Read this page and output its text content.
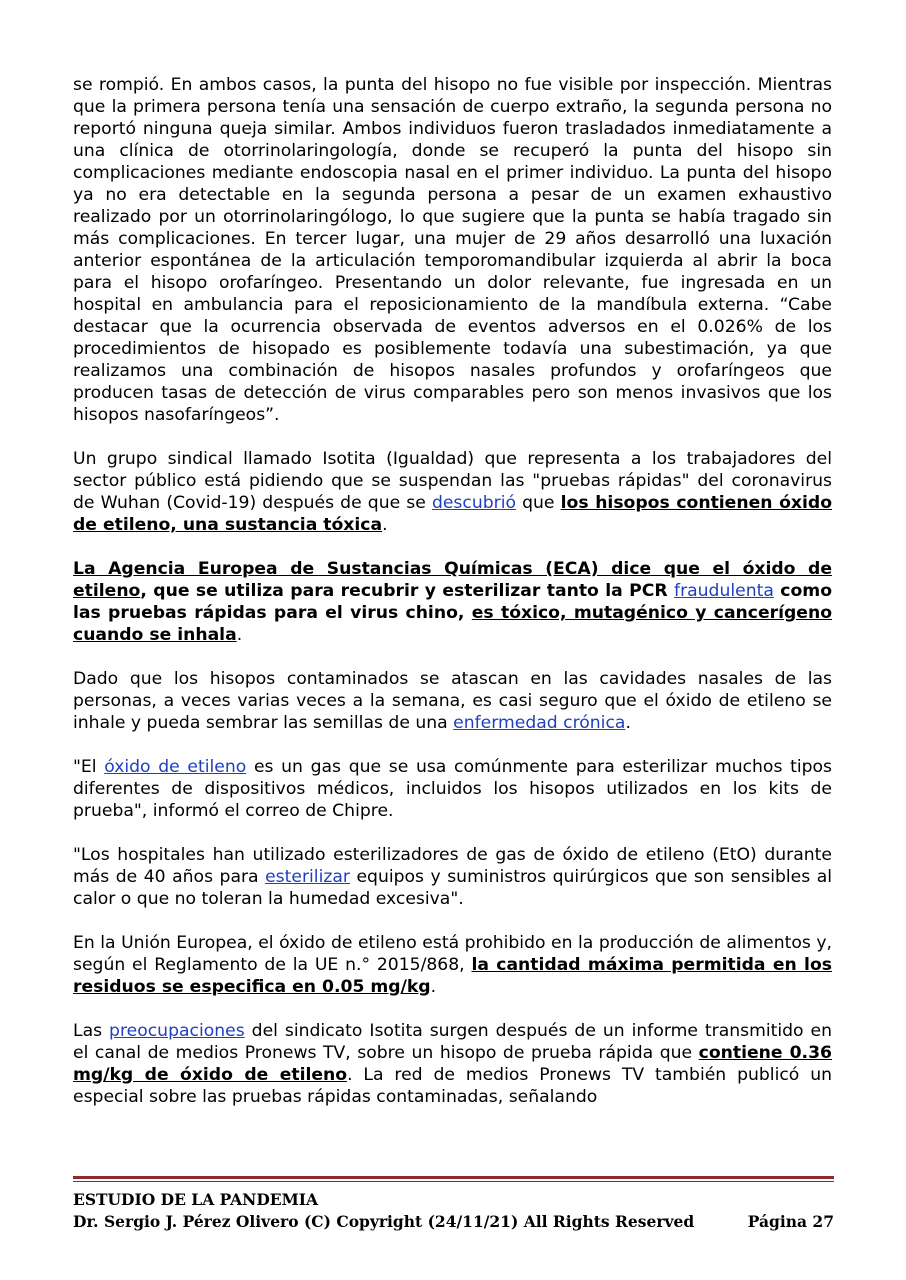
se rompió. En ambos casos, la punta del hisopo no fue visible por inspección. Mientras que la primera persona tenía una sensación de cuerpo extraño, la segunda persona no reportó ninguna queja similar. Ambos individuos fueron trasladados inmediatamente a una clínica de otorrinolaringología, donde se recuperó la punta del hisopo sin complicaciones mediante endoscopia nasal en el primer individuo. La punta del hisopo ya no era detectable en la segunda persona a pesar de un examen exhaustivo realizado por un otorrinolaringólogo, lo que sugiere que la punta se había tragado sin más complicaciones. En tercer lugar, una mujer de 29 años desarrolló una luxación anterior espontánea de la articulación temporomandibular izquierda al abrir la boca para el hisopo orofaríngeo. Presentando un dolor relevante, fue ingresada en un hospital en ambulancia para el reposicionamiento de la mandíbula externa. “Cabe destacar que la ocurrencia observada de eventos adversos en el 0.026% de los procedimientos de hisopado es posiblemente todavía una subestimación, ya que realizamos una combinación de hisopos nasales profundos y orofaríngeos que producen tasas de detección de virus comparables pero son menos invasivos que los hisopos nasofaríngeos”.

Un grupo sindical llamado Isotita (Igualdad) que representa a los trabajadores del sector público está pidiendo que se suspendan las "pruebas rápidas" del coronavirus de Wuhan (Covid-19) después de que se descubrió que los hisopos contienen óxido de etileno, una sustancia tóxica.

La Agencia Europea de Sustancias Químicas (ECA) dice que el óxido de etileno, que se utiliza para recubrir y esterilizar tanto la PCR fraudulenta como las pruebas rápidas para el virus chino, es tóxico, mutagénico y cancerígeno cuando se inhala.

Dado que los hisopos contaminados se atascan en las cavidades nasales de las personas, a veces varias veces a la semana, es casi seguro que el óxido de etileno se inhale y pueda sembrar las semillas de una enfermedad crónica.

"El óxido de etileno es un gas que se usa comúnmente para esterilizar muchos tipos diferentes de dispositivos médicos, incluidos los hisopos utilizados en los kits de prueba", informó el correo de Chipre.

"Los hospitales han utilizado esterilizadores de gas de óxido de etileno (EtO) durante más de 40 años para esterilizar equipos y suministros quirúrgicos que son sensibles al calor o que no toleran la humedad excesiva".

En la Unión Europea, el óxido de etileno está prohibido en la producción de alimentos y, según el Reglamento de la UE n.° 2015/868, la cantidad máxima permitida en los residuos se especifica en 0.05 mg/kg.

Las preocupaciones del sindicato Isotita surgen después de un informe transmitido en el canal de medios Pronews TV, sobre un hisopo de prueba rápida que contiene 0.36 mg/kg de óxido de etileno. La red de medios Pronews TV también publicó un especial sobre las pruebas rápidas contaminadas, señalando

ESTUDIO DE LA PANDEMIA
Dr. Sergio J. Pérez Olivero (C) Copyright (24/11/21) All Rights Reserved	Página 27
